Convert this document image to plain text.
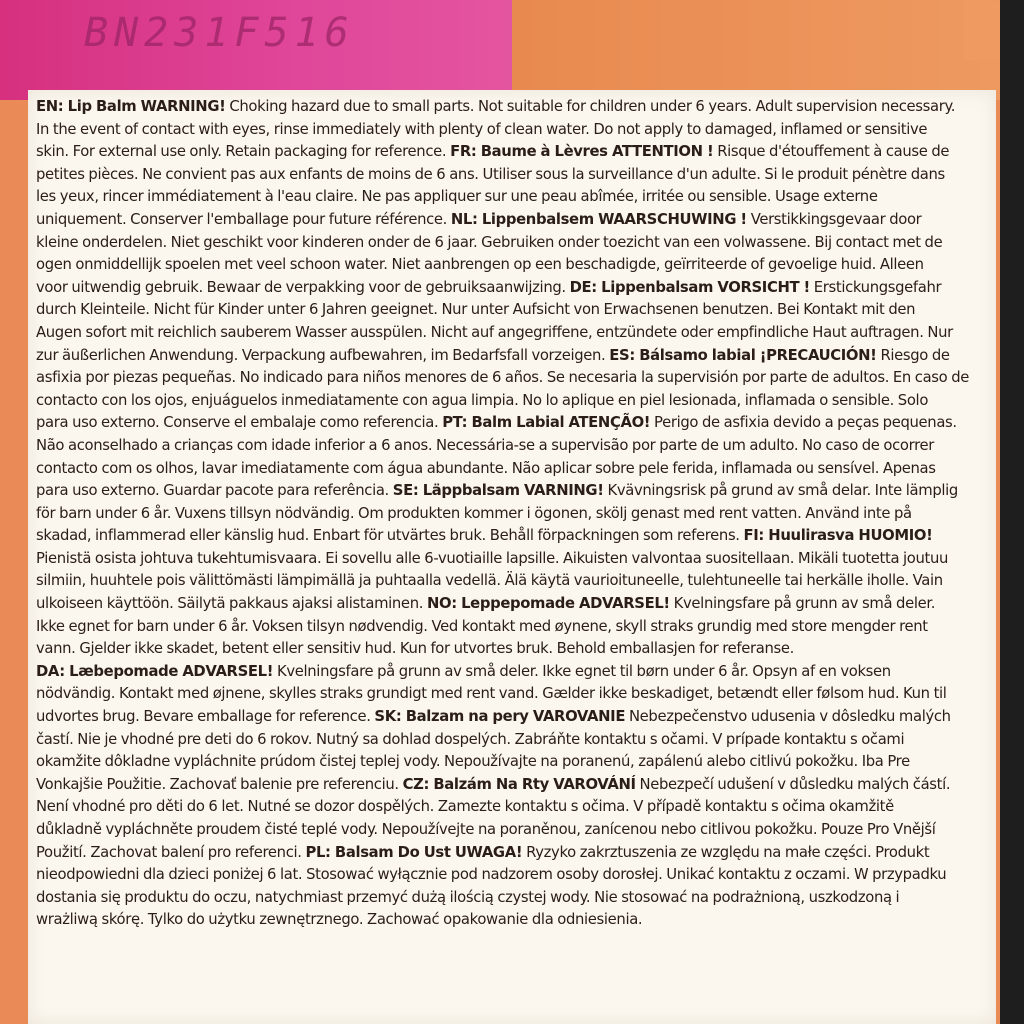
BN231F516
EN: Lip Balm WARNING! Choking hazard due to small parts. Not suitable for children under 6 years. Adult supervision necessary.
In the event of contact with eyes, rinse immediately with plenty of clean water. Do not apply to damaged, inflamed or sensitive
skin. For external use only. Retain packaging for reference. FR: Baume à Lèvres ATTENTION ! Risque d'étouffement à cause de
petites pièces. Ne convient pas aux enfants de moins de 6 ans. Utiliser sous la surveillance d'un adulte. Si le produit pénètre dans
les yeux, rincer immédiatement à l'eau claire. Ne pas appliquer sur une peau abîmée, irritée ou sensible. Usage externe
uniquement. Conserver l'emballage pour future référence. NL: Lippenbalsem WAARSCHUWING ! Verstikkingsgevaar door
kleine onderdelen. Niet geschikt voor kinderen onder de 6 jaar. Gebruiken onder toezicht van een volwassene. Bij contact met de
ogen onmiddellijk spoelen met veel schoon water. Niet aanbrengen op een beschadigde, geïrriteerde of gevoelige huid. Alleen
voor uitwendig gebruik. Bewaar de verpakking voor de gebruiksaanwijzing. DE: Lippenbalsam VORSICHT ! Erstickungsgefahr
durch Kleinteile. Nicht für Kinder unter 6 Jahren geeignet. Nur unter Aufsicht von Erwachsenen benutzen. Bei Kontakt mit den
Augen sofort mit reichlich sauberem Wasser ausspülen. Nicht auf angegriffene, entzündete oder empfindliche Haut auftragen. Nur
zur äußerlichen Anwendung. Verpackung aufbewahren, im Bedarfsfall vorzeigen. ES: Bálsamo labial ¡PRECAUCIÓN! Riesgo de
asfixia por piezas pequeñas. No indicado para niños menores de 6 años. Se necesaria la supervisión por parte de adultos. En caso de
contacto con los ojos, enjuáguelos inmediatamente con agua limpia. No lo aplique en piel lesionada, inflamada o sensible. Solo
para uso externo. Conserve el embalaje como referencia. PT: Balm Labial ATENÇÃO! Perigo de asfixia devido a peças pequenas.
Não aconselhado a crianças com idade inferior a 6 anos. Necessária-se a supervisão por parte de um adulto. No caso de ocorrer
contacto com os olhos, lavar imediatamente com água abundante. Não aplicar sobre pele ferida, inflamada ou sensível. Apenas
para uso externo. Guardar pacote para referência. SE: Läppbalsam VARNING! Kvävningsrisk på grund av små delar. Inte lämplig
för barn under 6 år. Vuxens tillsyn nödvändig. Om produkten kommer i ögonen, skölj genast med rent vatten. Använd inte på
skadad, inflammerad eller känslig hud. Enbart för utvärtes bruk. Behåll förpackningen som referens. FI: Huulirasva HUOMIO!
Pienistä osista johtuva tukehtumisvaara. Ei sovellu alle 6-vuotiaille lapsille. Aikuisten valvontaa suositellaan. Mikäli tuotetta joutuu
silmiin, huuhtele pois välittömästi lämpimällä ja puhtaalla vedellä. Älä käytä vaurioituneelle, tulehtuneelle tai herkälle iholle. Vain
ulkoiseen käyttöön. Säilytä pakkaus ajaksi alistaminen. NO: Leppepomade ADVARSEL! Kvelningsfare på grunn av små deler.
Ikke egnet for barn under 6 år. Voksen tilsyn nødvendig. Ved kontakt med øynene, skyll straks grundig med store mengder rent
vann. Gjelder ikke skadet, betent eller sensitiv hud. Kun for utvortes bruk. Behold emballasjen for referanse.
DA: Læbepomade ADVARSEL! Kvelningsfare på grunn av små deler. Ikke egnet til børn under 6 år. Opsyn af en voksen
nödvändig. Kontakt med øjnene, skylles straks grundigt med rent vand. Gælder ikke beskadiget, betændt eller følsom hud. Kun til
udvortes brug. Bevare emballage for reference. SK: Balzam na pery VAROVANIE Nebezpečenstvo udusenia v dôsledku malých
častí. Nie je vhodné pre deti do 6 rokov. Nutný sa dohlad dospelých. Zabráňte kontaktu s očami. V prípade kontaktu s očami
okamžite dôkladne vypláchnite prúdom čistej teplej vody. Nepoužívajte na poranenú, zapálenú alebo citlivú pokožku. Iba Pre
Vonkajšie Použitie. Zachovať balenie pre referenciu. CZ: Balzám Na Rty VAROVÁNÍ Nebezpečí udušení v důsledku malých částí.
Není vhodné pro děti do 6 let. Nutné se dozor dospělých. Zamezte kontaktu s očima. V případě kontaktu s očima okamžitě
důkladně vypláchněte proudem čisté teplé vody. Nepoužívejte na poraněnou, zanícenou nebo citlivou pokožku. Pouze Pro Vnější
Použití. Zachovat balení pro referenci. PL: Balsam Do Ust UWAGA! Ryzyko zakrztuszenia ze względu na małe części. Produkt
nieodpowiedni dla dzieci poniżej 6 lat. Stosować wyłącznie pod nadzorem osoby dorosłej. Unikać kontaktu z oczami. W przypadku
dostania się produktu do oczu, natychmiast przemyć dużą ilością czystej wody. Nie stosować na podrażnioną, uszkodzoną i
wrażliwą skórę. Tylko do użytku zewnętrznego. Zachować opakowanie dla odniesienia.
